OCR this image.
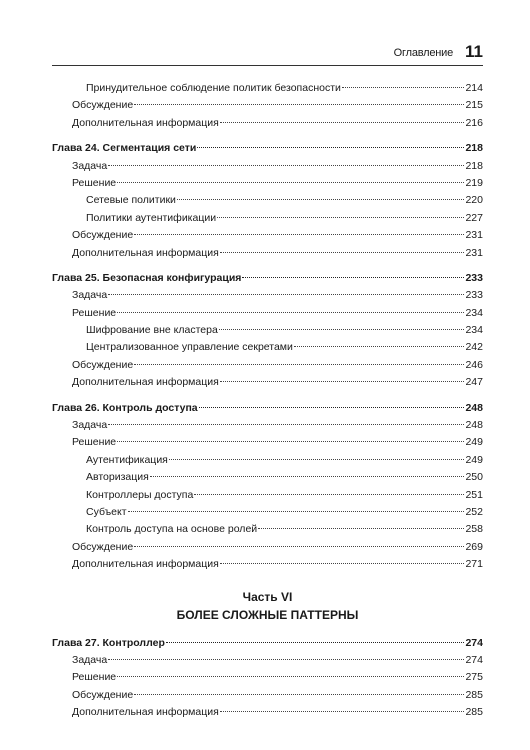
Оглавление 11
Принудительное соблюдение политик безопасности	214
Обсуждение	215
Дополнительная информация	216
Глава 24. Сегментация сети	218
Задача	218
Решение	219
Сетевые политики	220
Политики аутентификации	227
Обсуждение	231
Дополнительная информация	231
Глава 25. Безопасная конфигурация	233
Задача	233
Решение	234
Шифрование вне кластера	234
Централизованное управление секретами	242
Обсуждение	246
Дополнительная информация	247
Глава 26. Контроль доступа	248
Задача	248
Решение	249
Аутентификация	249
Авторизация	250
Контроллеры доступа	251
Субъект	252
Контроль доступа на основе ролей	258
Обсуждение	269
Дополнительная информация	271
Часть VI
БОЛЕЕ СЛОЖНЫЕ ПАТТЕРНЫ
Глава 27. Контроллер	274
Задача	274
Решение	275
Обсуждение	285
Дополнительная информация	285
